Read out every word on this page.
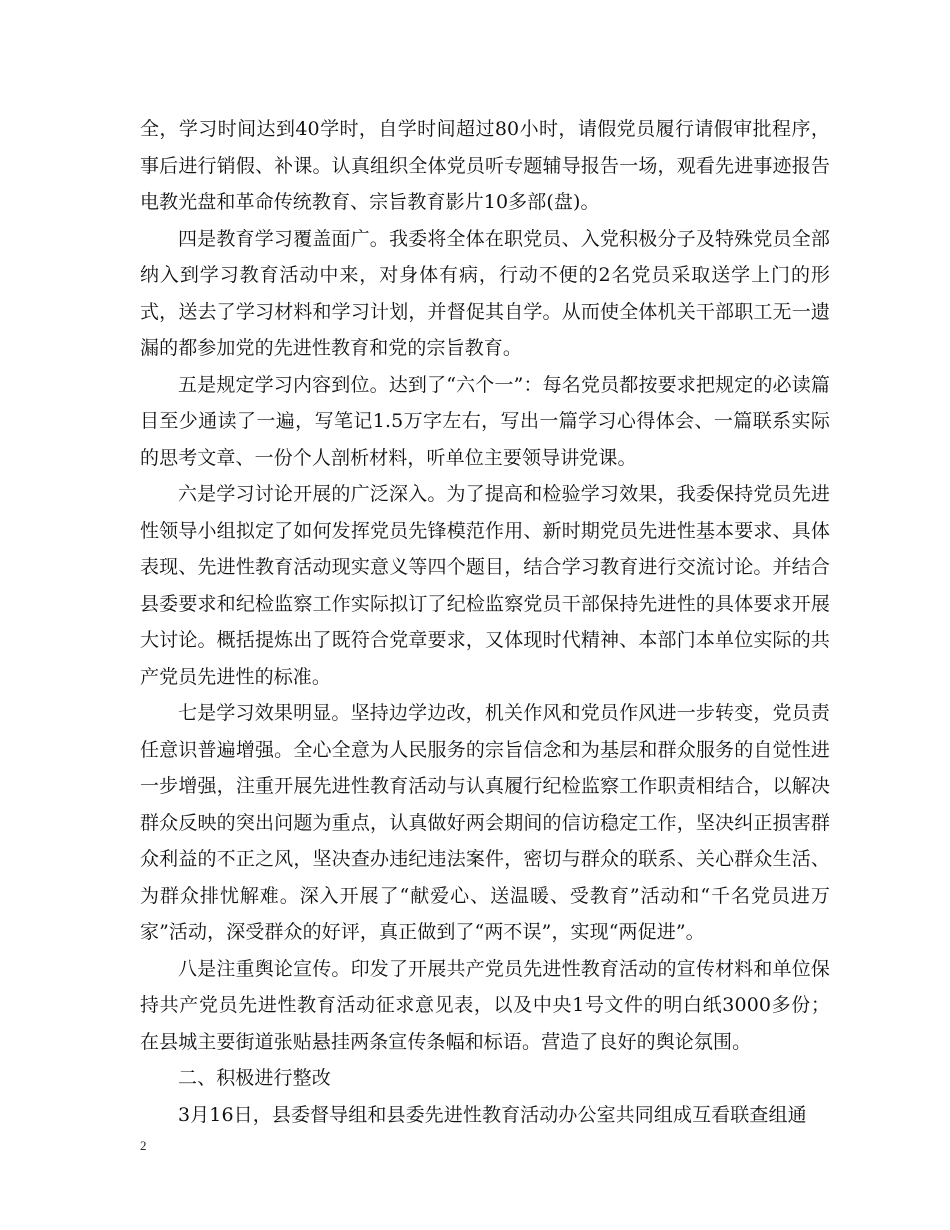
全，学习时间达到40学时，自学时间超过80小时，请假党员履行请假审批程序，事后进行销假、补课。认真组织全体党员听专题辅导报告一场，观看先进事迹报告电教光盘和革命传统教育、宗旨教育影片10多部(盘)。

四是教育学习覆盖面广。我委将全体在职党员、入党积极分子及特殊党员全部纳入到学习教育活动中来，对身体有病，行动不便的2名党员采取送学上门的形式，送去了学习材料和学习计划，并督促其自学。从而使全体机关干部职工无一遗漏的都参加党的先进性教育和党的宗旨教育。

五是规定学习内容到位。达到了“六个一”：每名党员都按要求把规定的必读篇目至少通读了一遍，写笔记1.5万字左右，写出一篇学习心得体会、一篇联系实际的思考文章、一份个人剖析材料，听单位主要领导讲党课。

六是学习讨论开展的广泛深入。为了提高和检验学习效果，我委保持党员先进性领导小组拟定了如何发挥党员先锋模范作用、新时期党员先进性基本要求、具体表现、先进性教育活动现实意义等四个题目，结合学习教育进行交流讨论。并结合县委要求和纪检监察工作实际拟订了纪检监察党员干部保持先进性的具体要求开展大讨论。概括提炼出了既符合党章要求，又体现时代精神、本部门本单位实际的共产党员先进性的标准。

七是学习效果明显。坚持边学边改，机关作风和党员作风进一步转变，党员责任意识普遍增强。全心全意为人民服务的宗旨信念和为基层和群众服务的自觉性进一步增强，注重开展先进性教育活动与认真履行纪检监察工作职责相结合，以解决群众反映的突出问题为重点，认真做好两会期间的信访稳定工作，坚决纠正损害群众利益的不正之风，坚决查办违纪违法案件，密切与群众的联系、关心群众生活、为群众排忧解难。深入开展了“献爱心、送温暖、受教育”活动和“千名党员进万家”活动，深受群众的好评，真正做到了“两不误”，实现“两促进”。

八是注重舆论宣传。印发了开展共产党员先进性教育活动的宣传材料和单位保持共产党员先进性教育活动征求意见表，以及中央1号文件的明白纸3000多份；在县城主要街道张贴悬挂两条宣传条幅和标语。营造了良好的舆论氛围。

二、积极进行整改

3月16日，县委督导组和县委先进性教育活动办公室共同组成互看联查组通

2
